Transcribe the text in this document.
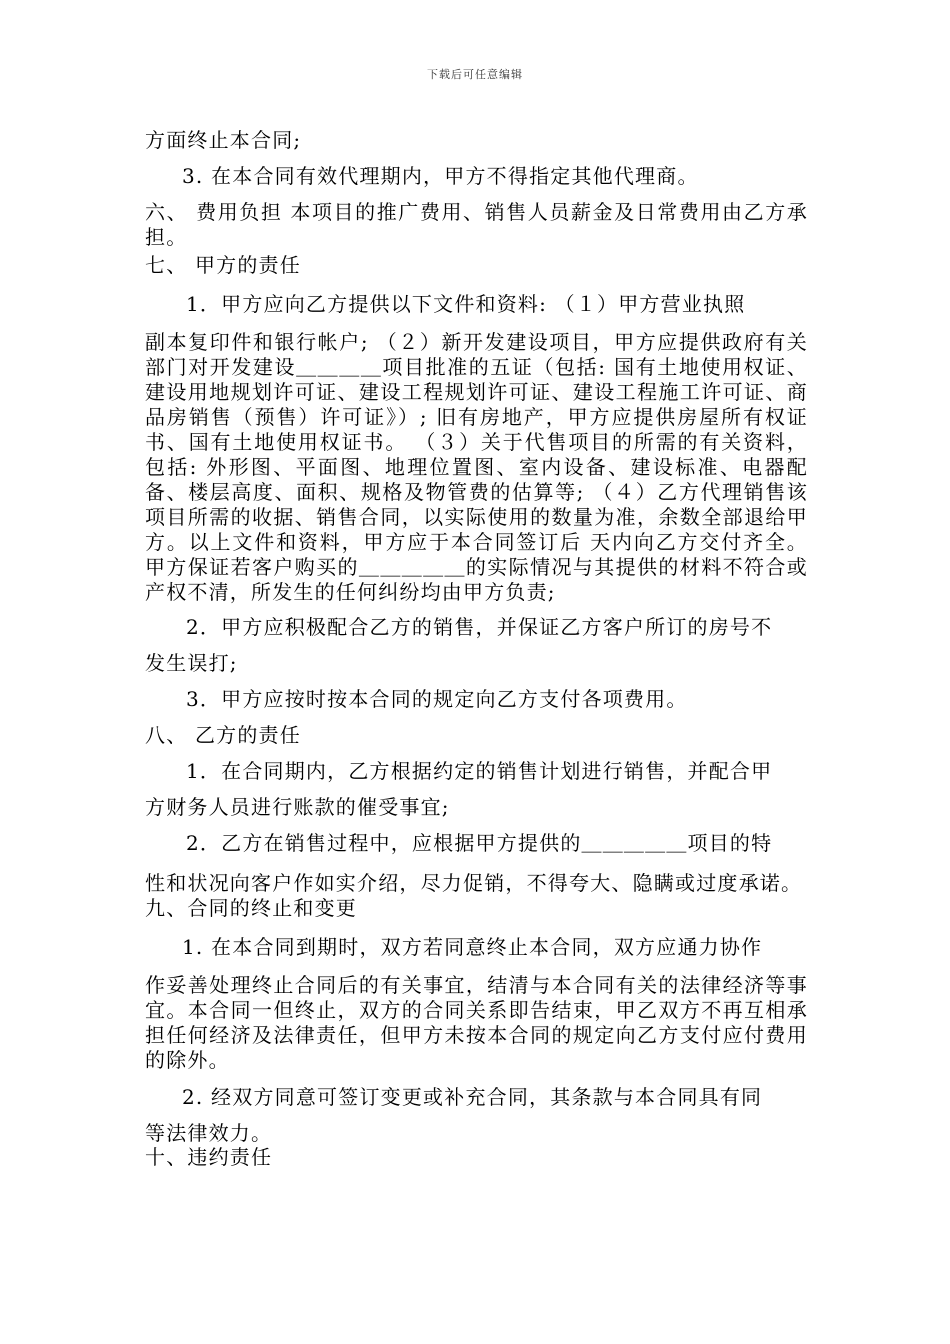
下载后可任意编辑

方面终止本合同;

3. 在本合同有效代理期内，甲方不得指定其他代理商。

六、 费用负担 本项目的推广费用、销售人员薪金及日常费用由乙方承担。

七、 甲方的责任

1．甲方应向乙方提供以下文件和资料: （１）甲方营业执照

副本复印件和银行帐户; （２）新开发建设项目，甲方应提供政府有关部门对开发建设＿＿＿＿项目批准的五证（包括: 国有土地使用权证、建设用地规划许可证、建设工程规划许可证、建设工程施工许可证、商品房销售（预售）许可证》）; 旧有房地产，甲方应提供房屋所有权证书、国有土地使用权证书。 （３）关于代售项目的所需的有关资料，包括: 外形图、平面图、地理位置图、室内设备、建设标准、电器配备、楼层高度、面积、规格及物管费的估算等; （４）乙方代理销售该项目所需的收据、销售合同，以实际使用的数量为准，余数全部退给甲方。以上文件和资料，甲方应于本合同签订后 天内向乙方交付齐全。 甲方保证若客户购买的＿＿＿＿＿的实际情况与其提供的材料不符合或产权不清，所发生的任何纠纷均由甲方负责;

2．甲方应积极配合乙方的销售，并保证乙方客户所订的房号不

发生误打;

3．甲方应按时按本合同的规定向乙方支付各项费用。

八、 乙方的责任

1．在合同期内，乙方根据约定的销售计划进行销售，并配合甲

方财务人员进行账款的催受事宜;

2．乙方在销售过程中，应根据甲方提供的＿＿＿＿＿项目的特

性和状况向客户作如实介绍，尽力促销，不得夸大、隐瞒或过度承诺。

九、合同的终止和变更

1. 在本合同到期时，双方若同意终止本合同，双方应通力协作

作妥善处理终止合同后的有关事宜，结清与本合同有关的法律经济等事宜。本合同一但终止，双方的合同关系即告结束，甲乙双方不再互相承担任何经济及法律责任，但甲方未按本合同的规定向乙方支付应付费用的除外。

2. 经双方同意可签订变更或补充合同，其条款与本合同具有同

等法律效力。

十、违约责任
